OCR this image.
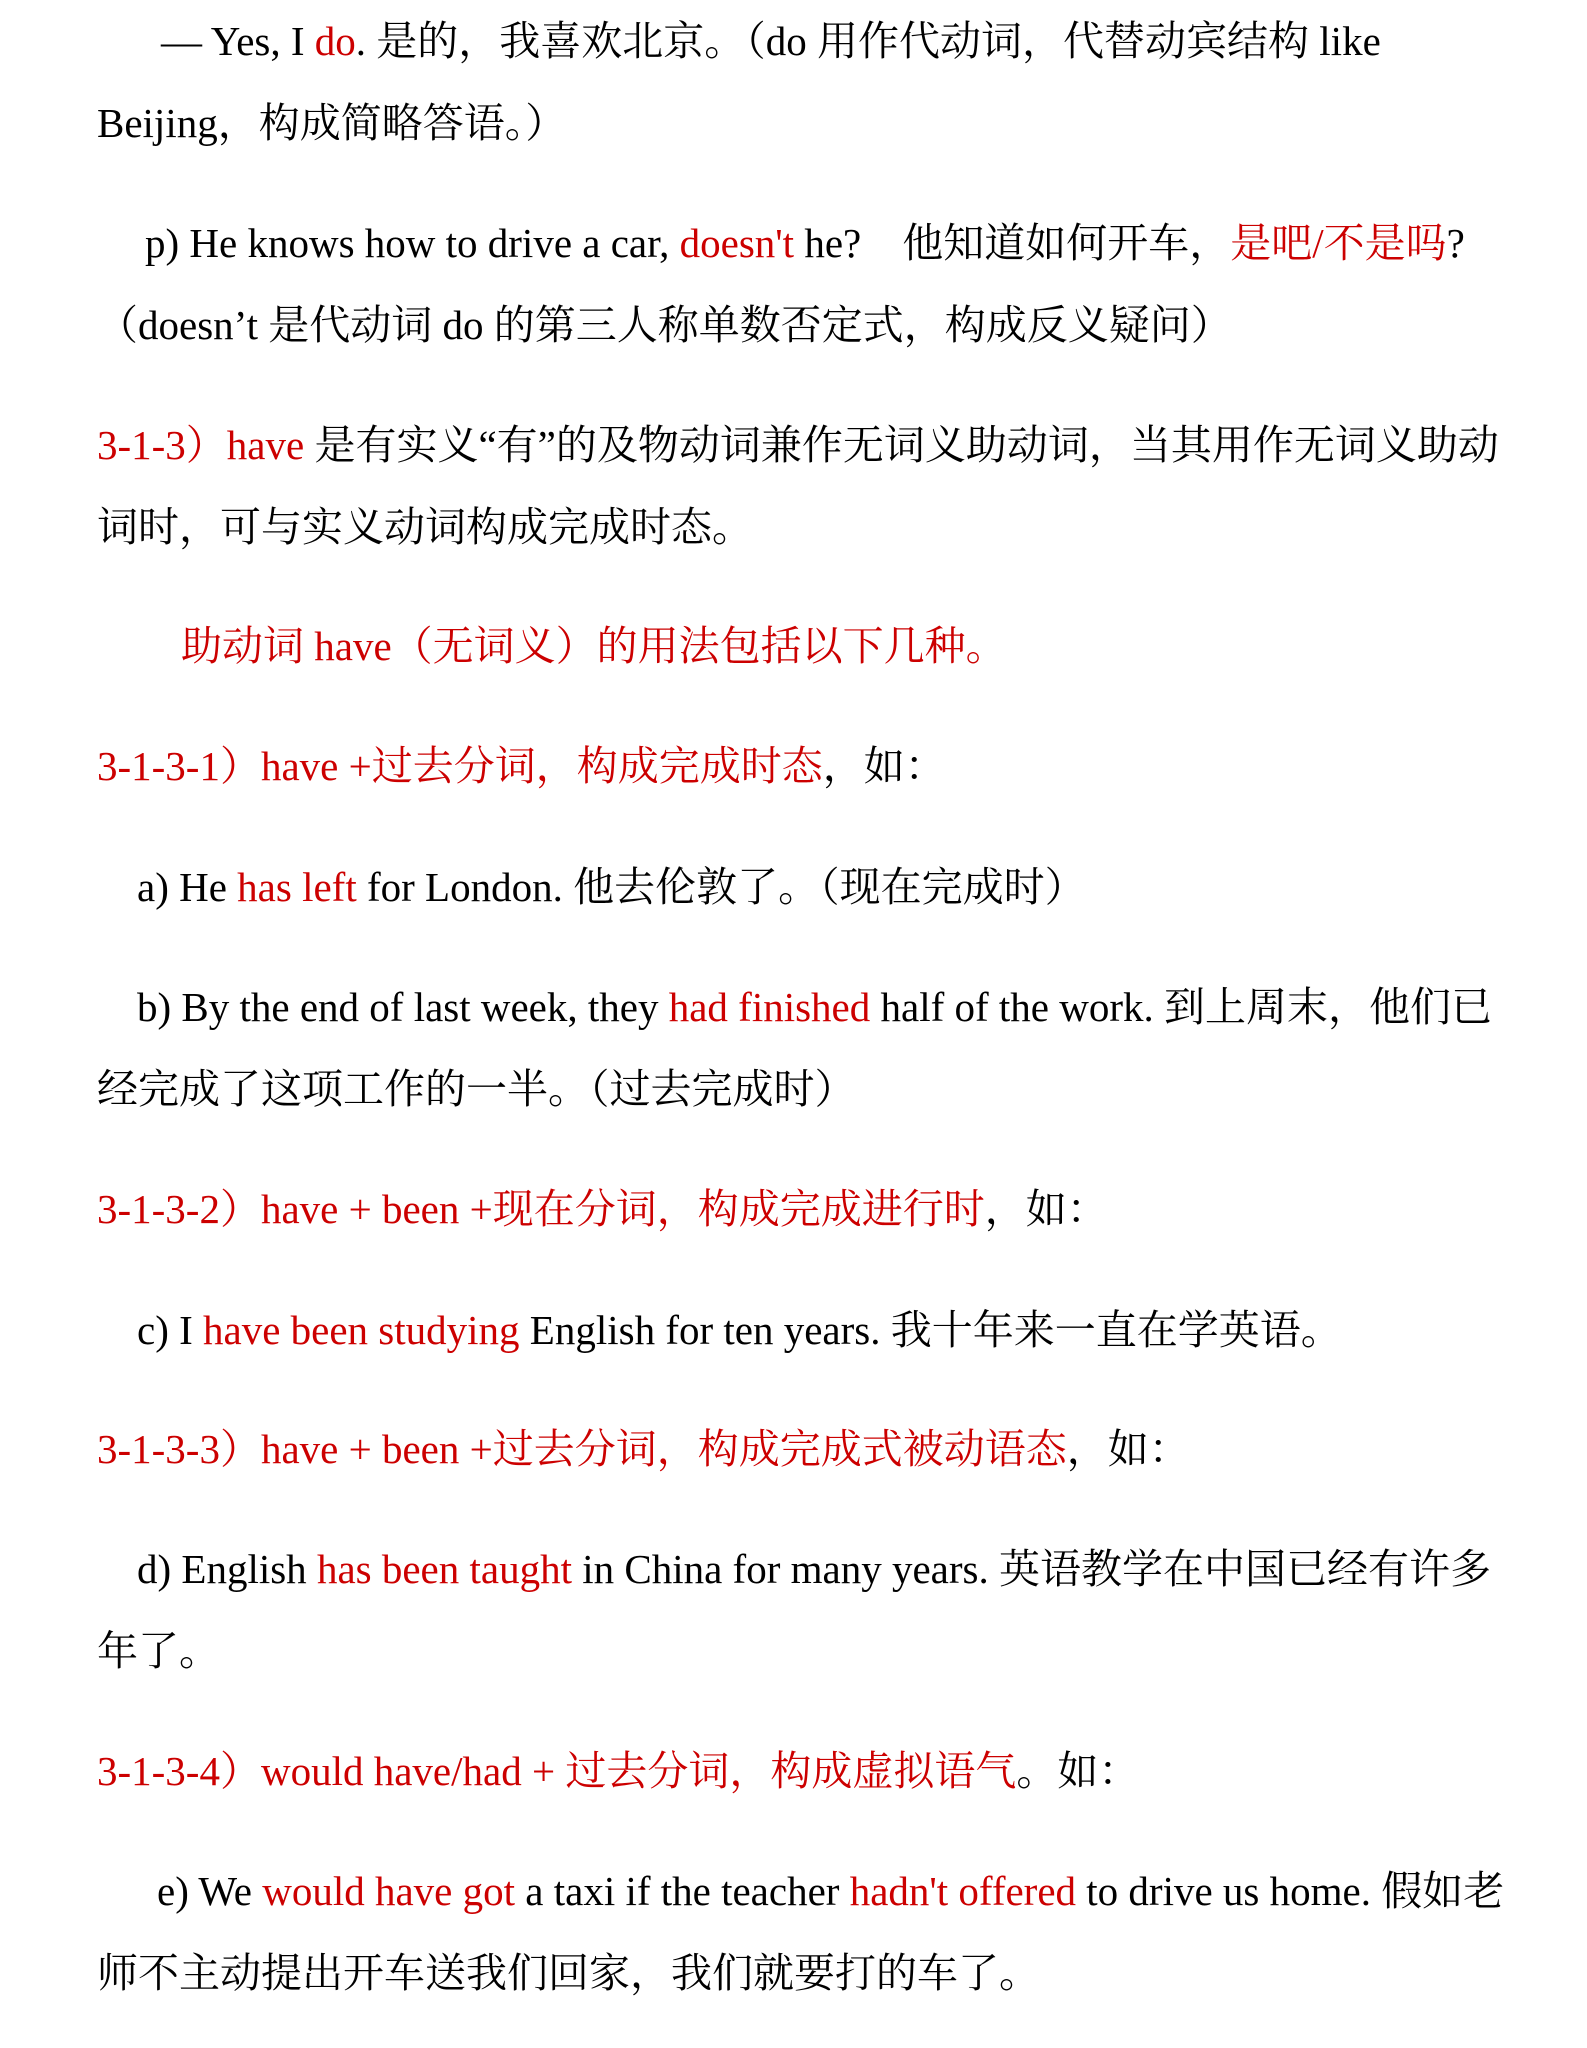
— Yes, I do. 是的，我喜欢北京。（do 用作代动词，代替动宾结构 like Beijing，构成简略答语。）

p) He knows how to drive a car, doesn't he?　他知道如何开车，是吧/不是吗?（doesn’t 是代动词 do 的第三人称单数否定式，构成反义疑问）

3-1-3）have 是有实义“有”的及物动词兼作无词义助动词，当其用作无词义助动词时，可与实义动词构成完成时态。

助动词 have（无词义）的用法包括以下几种。

3-1-3-1）have +过去分词，构成完成时态，如：

a) He has left for London. 他去伦敦了。（现在完成时）

b) By the end of last week, they had finished half of the work. 到上周末，他们已经完成了这项工作的一半。（过去完成时）

3-1-3-2）have + been +现在分词，构成完成进行时，如：

c) I have been studying English for ten years. 我十年来一直在学英语。

3-1-3-3）have + been +过去分词，构成完成式被动语态，如：

d) English has been taught in China for many years. 英语教学在中国已经有许多年了。

3-1-3-4）would have/had + 过去分词，构成虚拟语气。如：

e) We would have got a taxi if the teacher hadn't offered to drive us home. 假如老师不主动提出开车送我们回家，我们就要打的车了。
